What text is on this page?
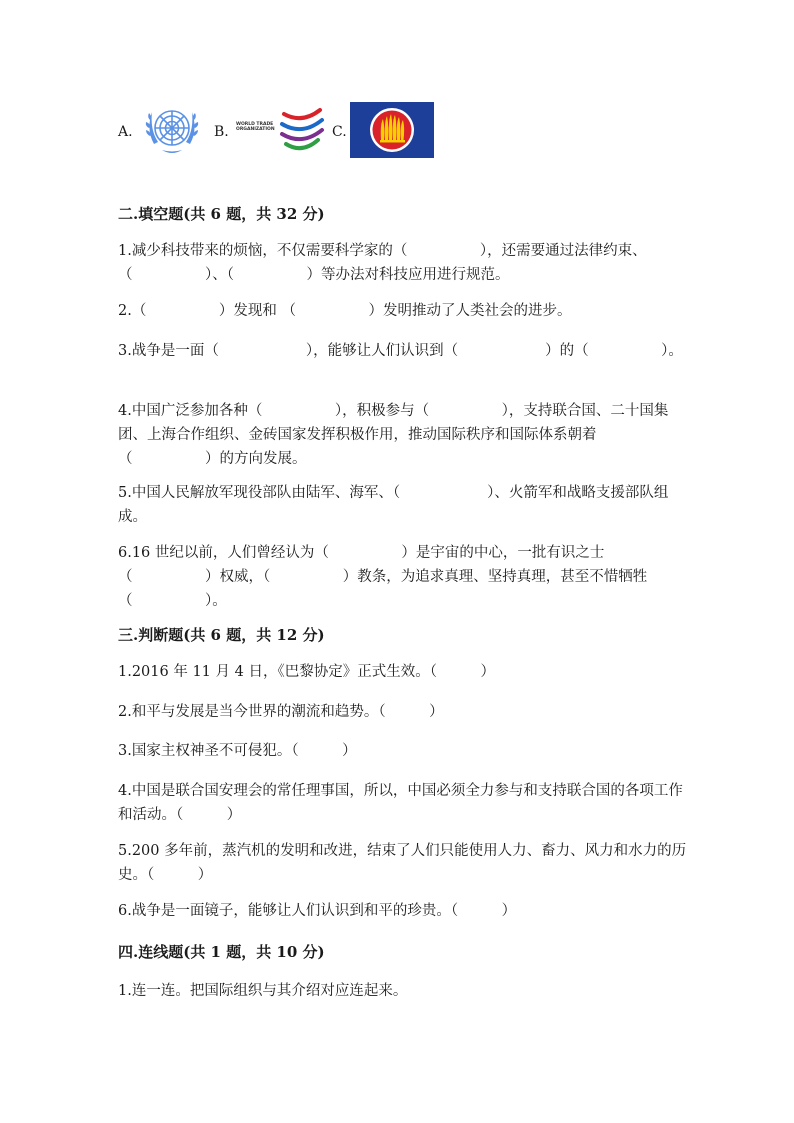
A.	B. WORLD TRADE
ORGANIZATION	C.
二.填空题(共 6 题，共 32 分)
1.减少科技带来的烦恼，不仅需要科学家的（　　　　　），还需要通过法律约束、（　　　　　）、（　　　　　）等办法对科技应用进行规范。
2.（　　　　　）发现和 （　　　　　）发明推动了人类社会的进步。
3.战争是一面（　　　　　　），能够让人们认识到（　　　　　　）的（　　　　　）。
4.中国广泛参加各种（　　　　　），积极参与（　　　　　），支持联合国、二十国集团、上海合作组织、金砖国家发挥积极作用，推动国际秩序和国际体系朝着（　　　　　）的方向发展。
5.中国人民解放军现役部队由陆军、海军、（　　　　　　）、火箭军和战略支援部队组成。
6.16 世纪以前，人们曾经认为（　　　　　）是宇宙的中心，一批有识之士（　　　　　）权威，（　　　　　）教条，为追求真理、坚持真理，甚至不惜牺牲（　　　　　）。
三.判断题(共 6 题，共 12 分)
1.2016 年 11 月 4 日，《巴黎协定》正式生效。（　　　）
2.和平与发展是当今世界的潮流和趋势。（　　　）
3.国家主权神圣不可侵犯。（　　　）
4.中国是联合国安理会的常任理事国，所以，中国必须全力参与和支持联合国的各项工作和活动。（　　　）
5.200 多年前，蒸汽机的发明和改进，结束了人们只能使用人力、畜力、风力和水力的历史。（　　　）
6.战争是一面镜子，能够让人们认识到和平的珍贵。（　　　）
四.连线题(共 1 题，共 10 分)
1.连一连。把国际组织与其介绍对应连起来。
